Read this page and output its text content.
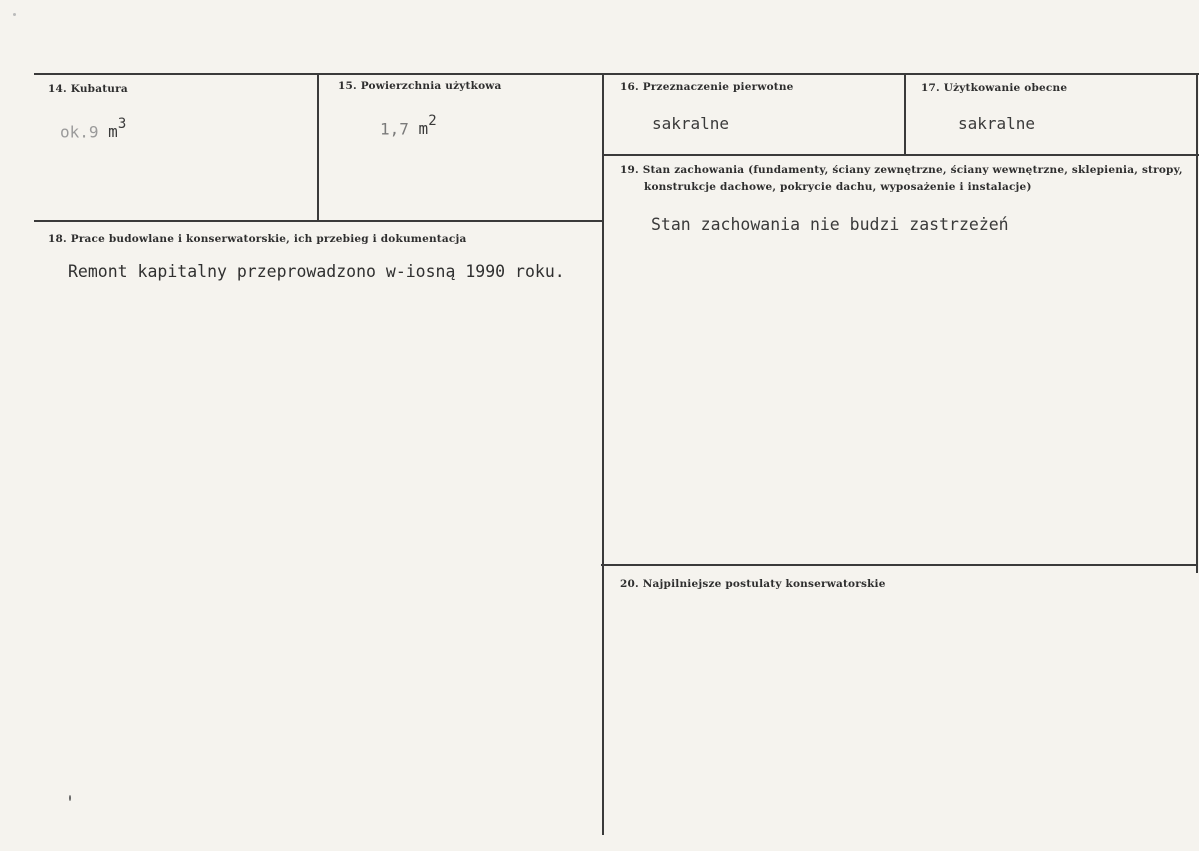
14. Kubatura
ok.9 $m^3$
15. Powierzchnia użytkowa
1,7 $m^2$
16. Przeznaczenie pierwotne
sakralne
17. Użytkowanie obecne
sakralne
18. Prace budowlane i konserwatorskie, ich przebieg i dokumentacja
Remont kapitalny przeprowadzono w-iosną 1990 roku.
19. Stan zachowania (fundamenty, ściany zewnętrzne, ściany wewnętrzne, sklepienia, stropy,
konstrukcje dachowe, pokrycie dachu, wyposażenie i instalacje)
Stan zachowania nie budzi zastrzeżeń
20. Najpilniejsze postulaty konserwatorskie
